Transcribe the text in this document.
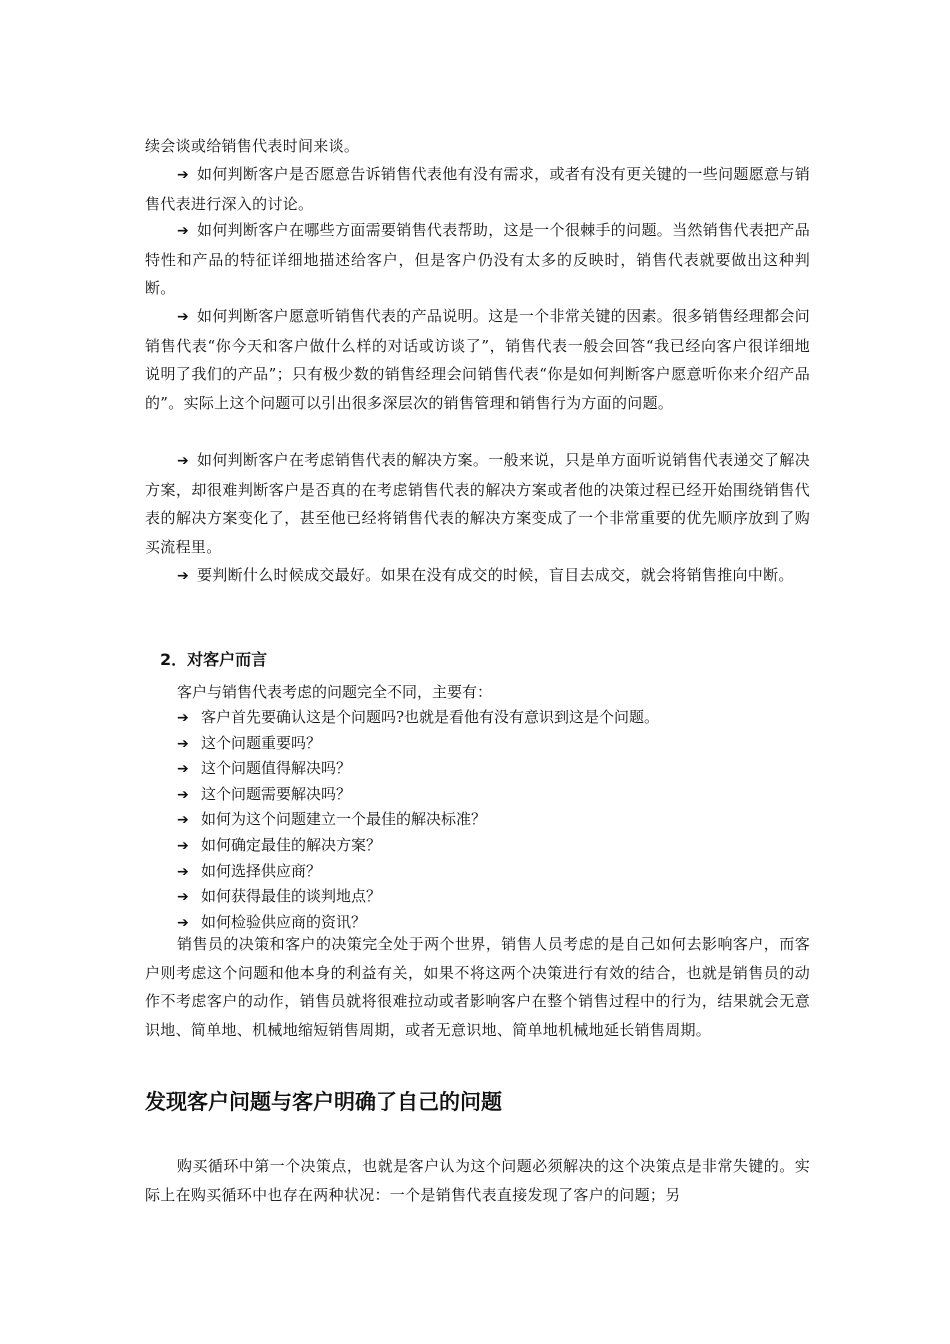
续会谈或给销售代表时间来谈。

➔ 如何判断客户是否愿意告诉销售代表他有没有需求，或者有没有更关键的一些问题愿意与销售代表进行深入的讨论。

➔ 如何判断客户在哪些方面需要销售代表帮助，这是一个很棘手的问题。当然销售代表把产品特性和产品的特征详细地描述给客户，但是客户仍没有太多的反映时，销售代表就要做出这种判断。

➔ 如何判断客户愿意听销售代表的产品说明。这是一个非常关键的因素。很多销售经理都会问销售代表“你今天和客户做什么样的对话或访谈了”，销售代表一般会回答“我已经向客户很详细地说明了我们的产品”；只有极少数的销售经理会问销售代表“你是如何判断客户愿意听你来介绍产品的”。实际上这个问题可以引出很多深层次的销售管理和销售行为方面的问题。

➔ 如何判断客户在考虑销售代表的解决方案。一般来说，只是单方面听说销售代表递交了解决方案，却很难判断客户是否真的在考虑销售代表的解决方案或者他的决策过程已经开始围绕销售代表的解决方案变化了，甚至他已经将销售代表的解决方案变成了一个非常重要的优先顺序放到了购买流程里。

➔ 要判断什么时候成交最好。如果在没有成交的时候，盲目去成交，就会将销售推向中断。

2．对客户而言

客户与销售代表考虑的问题完全不同，主要有：

➔ 客户首先要确认这是个问题吗?也就是看他有没有意识到这是个问题。
➔ 这个问题重要吗？
➔ 这个问题值得解决吗？
➔ 这个问题需要解决吗？
➔ 如何为这个问题建立一个最佳的解决标准？
➔ 如何确定最佳的解决方案？
➔ 如何选择供应商？
➔ 如何获得最佳的谈判地点？
➔ 如何检验供应商的资讯？

销售员的决策和客户的决策完全处于两个世界，销售人员考虑的是自己如何去影响客户，而客户则考虑这个问题和他本身的利益有关，如果不将这两个决策进行有效的结合，也就是销售员的动作不考虑客户的动作，销售员就将很难拉动或者影响客户在整个销售过程中的行为，结果就会无意识地、简单地、机械地缩短销售周期，或者无意识地、简单地机械地延长销售周期。

发现客户问题与客户明确了自己的问题

购买循环中第一个决策点，也就是客户认为这个问题必须解决的这个决策点是非常失键的。实际上在购买循环中也存在两种状况：一个是销售代表直接发现了客户的问题；另
